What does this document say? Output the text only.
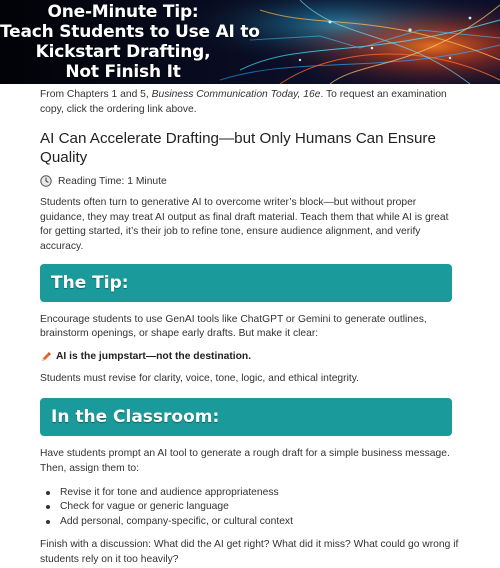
One-Minute Tip:
Teach Students to Use AI to
Kickstart Drafting,
Not Finish It

From Chapters 1 and 5, Business Communication Today, 16e. To request an examination copy, click the ordering link above.

AI Can Accelerate Drafting—but Only Humans Can Ensure Quality
Reading Time: 1 Minute

Students often turn to generative AI to overcome writer’s block—but without proper guidance, they may treat AI output as final draft material. Teach them that while AI is great for getting started, it’s their job to refine tone, ensure audience alignment, and verify accuracy.

The Tip:

Encourage students to use GenAI tools like ChatGPT or Gemini to generate outlines, brainstorm openings, or shape early drafts. But make it clear:

AI is the jumpstart—not the destination.

Students must revise for clarity, voice, tone, logic, and ethical integrity.

In the Classroom:

Have students prompt an AI tool to generate a rough draft for a simple business message. Then, assign them to:

Revise it for tone and audience appropriateness
Check for vague or generic language
Add personal, company-specific, or cultural context

Finish with a discussion: What did the AI get right? What did it miss? What could go wrong if students rely on it too heavily?
